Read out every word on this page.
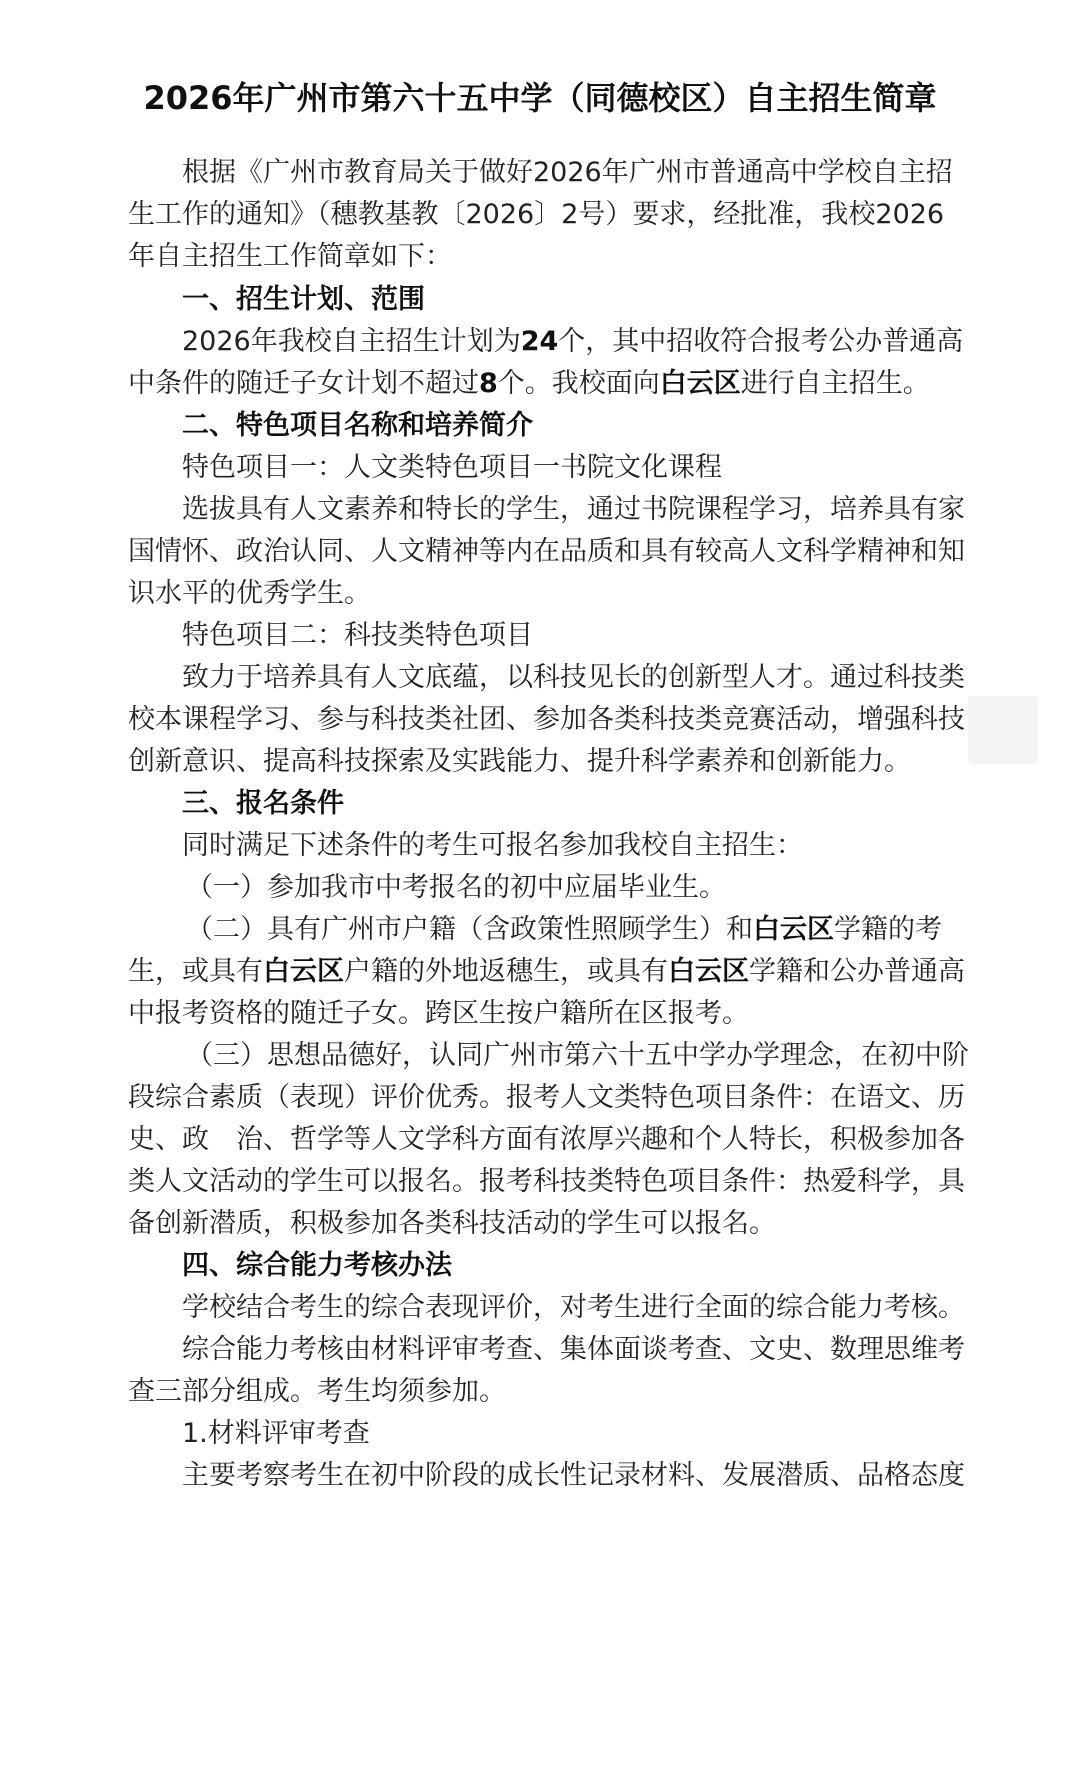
2026年广州市第六十五中学（同德校区）自主招生简章
根据《广州市教育局关于做好2026年广州市普通高中学校自主招
生工作的通知》（穗教基教〔2026〕2号）要求，经批准，我校2026
年自主招生工作简章如下：
一、招生计划、范围
2026年我校自主招生计划为24个，其中招收符合报考公办普通高
中条件的随迁子女计划不超过8个。我校面向白云区进行自主招生。
二、特色项目名称和培养简介
特色项目一：人文类特色项目一书院文化课程
选拔具有人文素养和特长的学生，通过书院课程学习，培养具有家
国情怀、政治认同、人文精神等内在品质和具有较高人文科学精神和知
识水平的优秀学生。
特色项目二：科技类特色项目
致力于培养具有人文底蕴，以科技见长的创新型人才。通过科技类
校本课程学习、参与科技类社团、参加各类科技类竞赛活动，增强科技
创新意识、提高科技探索及实践能力、提升科学素养和创新能力。
三、报名条件
同时满足下述条件的考生可报名参加我校自主招生：
（一）参加我市中考报名的初中应届毕业生。
（二）具有广州市户籍（含政策性照顾学生）和白云区学籍的考
生，或具有白云区户籍的外地返穗生，或具有白云区学籍和公办普通高
中报考资格的随迁子女。跨区生按户籍所在区报考。
（三）思想品德好，认同广州市第六十五中学办学理念，在初中阶
段综合素质（表现）评价优秀。报考人文类特色项目条件：在语文、历
史、政　治、哲学等人文学科方面有浓厚兴趣和个人特长，积极参加各
类人文活动的学生可以报名。报考科技类特色项目条件：热爱科学，具
备创新潜质，积极参加各类科技活动的学生可以报名。
四、综合能力考核办法
学校结合考生的综合表现评价，对考生进行全面的综合能力考核。
综合能力考核由材料评审考查、集体面谈考查、文史、数理思维考
查三部分组成。考生均须参加。
1.材料评审考查
主要考察考生在初中阶段的成长性记录材料、发展潜质、品格态度
